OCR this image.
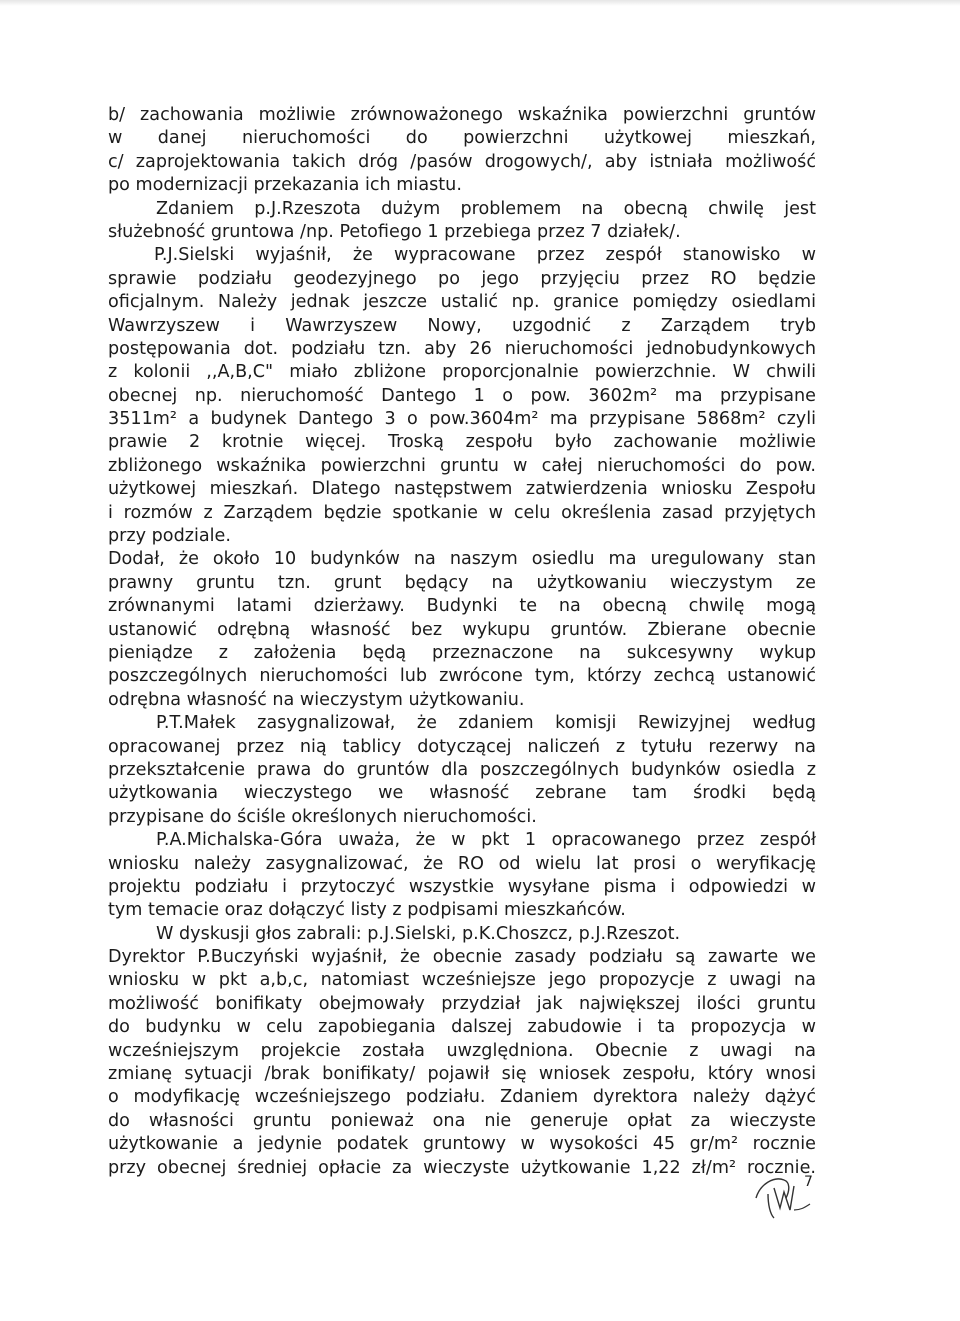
b/ zachowania możliwie zrównoważonego wskaźnika powierzchni gruntów
w danej nieruchomości do powierzchni użytkowej mieszkań,
c/ zaprojektowania takich dróg /pasów drogowych/, aby istniała możliwość
po modernizacji przekazania ich miastu.
Zdaniem p.J.Rzeszota dużym problemem na obecną chwilę jest
służebność gruntowa /np. Petofiego 1 przebiega przez 7 działek/.
P.J.Sielski wyjaśnił, że wypracowane przez zespół stanowisko w
sprawie podziału geodezyjnego po jego przyjęciu przez RO będzie
oficjalnym. Należy jednak jeszcze ustalić np. granice pomiędzy osiedlami
Wawrzyszew i Wawrzyszew Nowy, uzgodnić z Zarządem tryb
postępowania dot. podziału tzn. aby 26 nieruchomości jednobudynkowych
z kolonii ,,A,B,C" miało zbliżone proporcjonalnie powierzchnie. W chwili
obecnej np. nieruchomość Dantego 1 o pow. 3602m² ma przypisane
3511m² a budynek Dantego 3 o pow.3604m² ma przypisane 5868m² czyli
prawie 2 krotnie więcej. Troską zespołu było zachowanie możliwie
zbliżonego wskaźnika powierzchni gruntu w całej nieruchomości do pow.
użytkowej mieszkań. Dlatego następstwem zatwierdzenia wniosku Zespołu
i rozmów z Zarządem będzie spotkanie w celu określenia zasad przyjętych
przy podziale.
Dodał, że około 10 budynków na naszym osiedlu ma uregulowany stan
prawny gruntu tzn. grunt będący na użytkowaniu wieczystym ze
zrównanymi latami dzierżawy. Budynki te na obecną chwilę mogą
ustanowić odrębną własność bez wykupu gruntów. Zbierane obecnie
pieniądze z założenia będą przeznaczone na sukcesywny wykup
poszczególnych nieruchomości lub zwrócone tym, którzy zechcą ustanowić
odrębna własność na wieczystym użytkowaniu.
P.T.Małek zasygnalizował, że zdaniem komisji Rewizyjnej według
opracowanej przez nią tablicy dotyczącej naliczeń z tytułu rezerwy na
przekształcenie prawa do gruntów dla poszczególnych budynków osiedla z
użytkowania wieczystego we własność zebrane tam środki będą
przypisane do ściśle określonych nieruchomości.
P.A.Michalska-Góra uważa, że w pkt 1 opracowanego przez zespół
wniosku należy zasygnalizować, że RO od wielu lat prosi o weryfikację
projektu podziału i przytoczyć wszystkie wysyłane pisma i odpowiedzi w
tym temacie oraz dołączyć listy z podpisami mieszkańców.
W dyskusji głos zabrali: p.J.Sielski, p.K.Choszcz, p.J.Rzeszot.
Dyrektor P.Buczyński wyjaśnił, że obecnie zasady podziału są zawarte we
wniosku w pkt a,b,c, natomiast wcześniejsze jego propozycje z uwagi na
możliwość bonifikaty obejmowały przydział jak największej ilości gruntu
do budynku w celu zapobiegania dalszej zabudowie i ta propozycja w
wcześniejszym projekcie została uwzględniona. Obecnie z uwagi na
zmianę sytuacji /brak bonifikaty/ pojawił się wniosek zespołu, który wnosi
o modyfikację wcześniejszego podziału. Zdaniem dyrektora należy dążyć
do własności gruntu ponieważ ona nie generuje opłat za wieczyste
użytkowanie a jedynie podatek gruntowy w wysokości 45 gr/m² rocznie
przy obecnej średniej opłacie za wieczyste użytkowanie 1,22 zł/m² rocznie.
7
